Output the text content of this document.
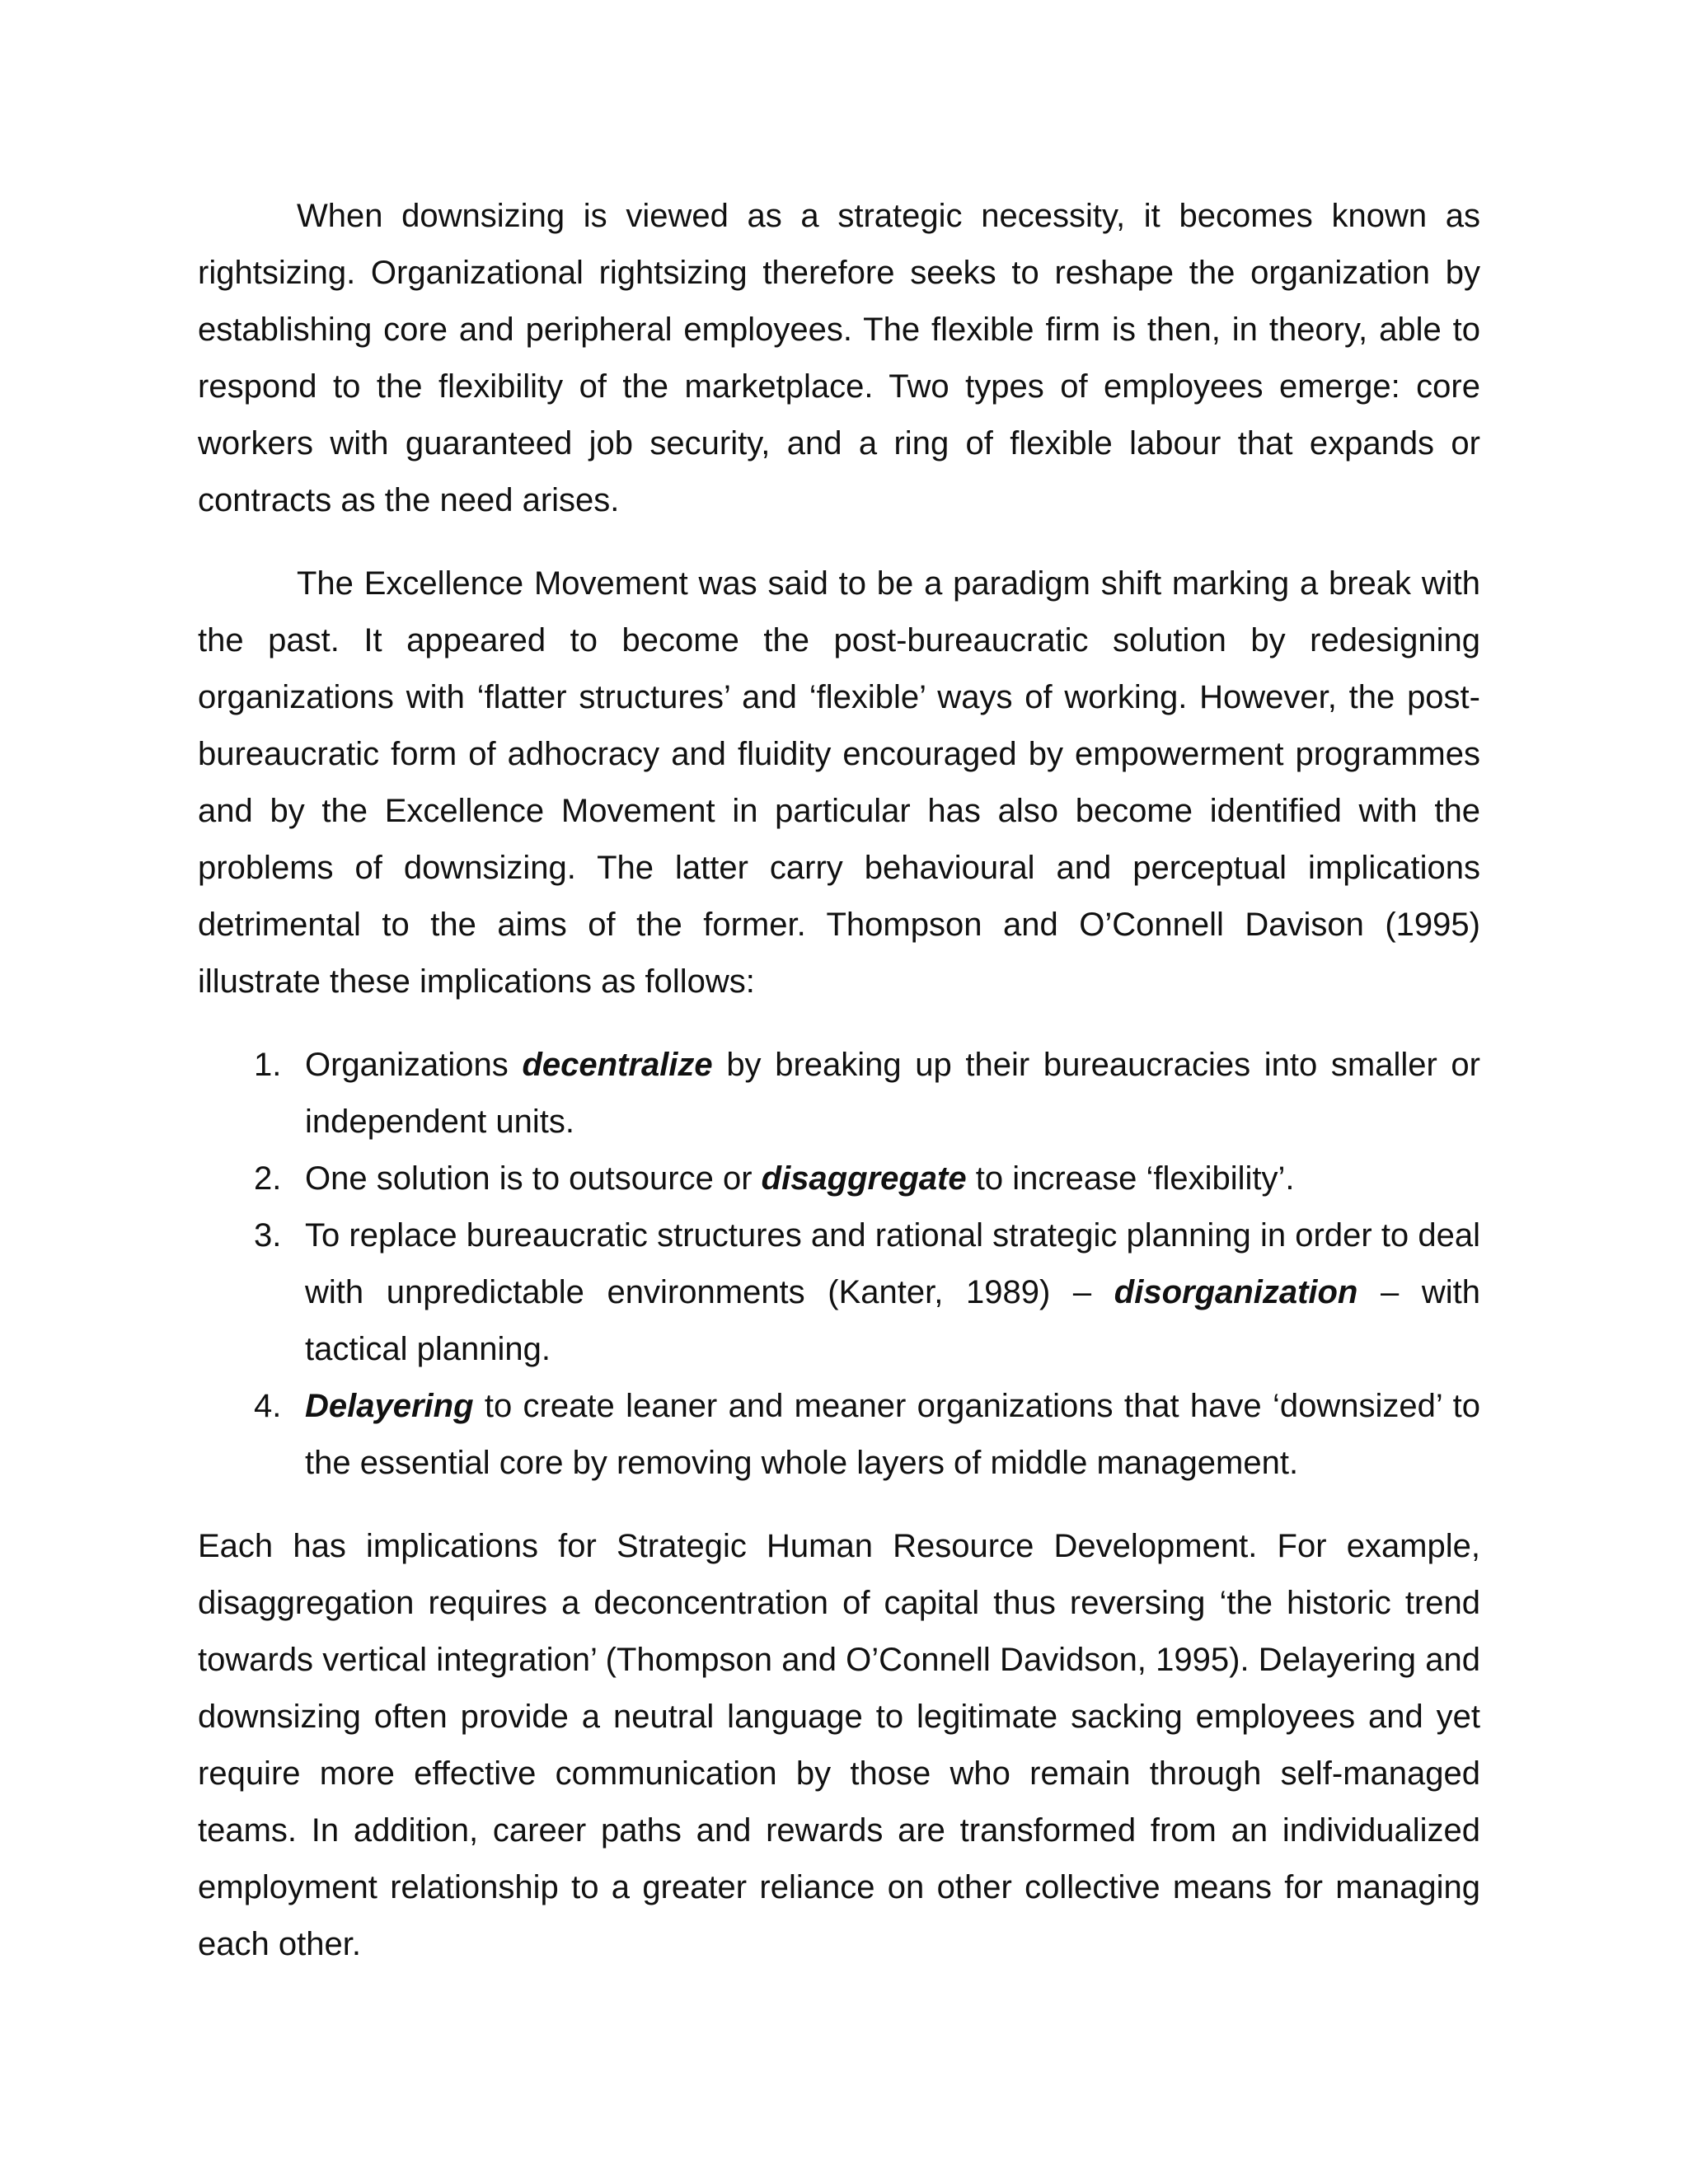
When downsizing is viewed as a strategic necessity, it becomes known as rightsizing. Organizational rightsizing therefore seeks to reshape the organization by establishing core and peripheral employees. The flexible firm is then, in theory, able to respond to the flexibility of the marketplace. Two types of employees emerge: core workers with guaranteed job security, and a ring of flexible labour that expands or contracts as the need arises.

The Excellence Movement was said to be a paradigm shift marking a break with the past. It appeared to become the post-bureaucratic solution by redesigning organizations with ‘flatter structures’ and ‘flexible’ ways of working. However, the post-bureaucratic form of adhocracy and fluidity encouraged by empowerment programmes and by the Excellence Movement in particular has also become identified with the problems of downsizing. The latter carry behavioural and perceptual implications detrimental to the aims of the former. Thompson and O’Connell Davison (1995) illustrate these implications as follows:

1. Organizations decentralize by breaking up their bureaucracies into smaller or independent units.
2. One solution is to outsource or disaggregate to increase ‘flexibility’.
3. To replace bureaucratic structures and rational strategic planning in order to deal with unpredictable environments (Kanter, 1989) – disorganization – with tactical planning.
4. Delayering to create leaner and meaner organizations that have ‘downsized’ to the essential core by removing whole layers of middle management.

Each has implications for Strategic Human Resource Development. For example, disaggregation requires a deconcentration of capital thus reversing ‘the historic trend towards vertical integration’ (Thompson and O’Connell Davidson, 1995). Delayering and downsizing often provide a neutral language to legitimate sacking employees and yet require more effective communication by those who remain through self-managed teams. In addition, career paths and rewards are transformed from an individualized employment relationship to a greater reliance on other collective means for managing each other.
